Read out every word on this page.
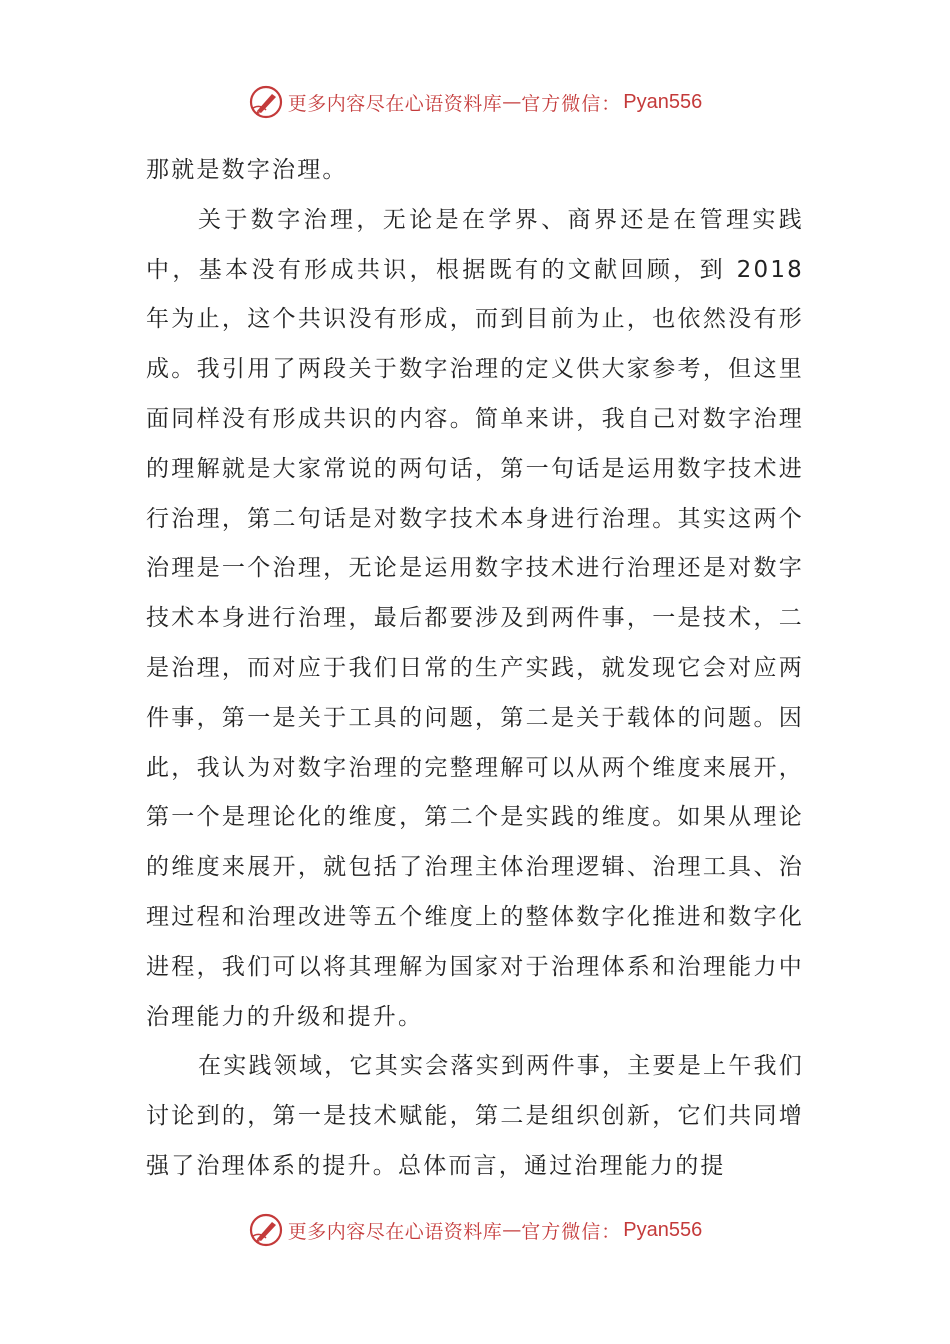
更多内容尽在心语资料库 — 官方微信： Pyan556

那就是数字治理。

关于数字治理，无论是在学界、商界还是在管理实践中，基本没有形成共识，根据既有的文献回顾，到 2018 年为止，这个共识没有形成，而到目前为止，也依然没有形成。我引用了两段关于数字治理的定义供大家参考，但这里面同样没有形成共识的内容。简单来讲，我自己对数字治理的理解就是大家常说的两句话，第一句话是运用数字技术进行治理，第二句话是对数字技术本身进行治理。其实这两个治理是一个治理，无论是运用数字技术进行治理还是对数字技术本身进行治理，最后都要涉及到两件事，一是技术，二是治理，而对应于我们日常的生产实践，就发现它会对应两件事，第一是关于工具的问题，第二是关于载体的问题。因此，我认为对数字治理的完整理解可以从两个维度来展开，第一个是理论化的维度，第二个是实践的维度。如果从理论的维度来展开，就包括了治理主体治理逻辑、治理工具、治理过程和治理改进等五个维度上的整体数字化推进和数字化进程，我们可以将其理解为国家对于治理体系和治理能力中治理能力的升级和提升。

在实践领域，它其实会落实到两件事，主要是上午我们讨论到的，第一是技术赋能，第二是组织创新，它们共同增强了治理体系的提升。总体而言，通过治理能力的提

更多内容尽在心语资料库 — 官方微信： Pyan556
